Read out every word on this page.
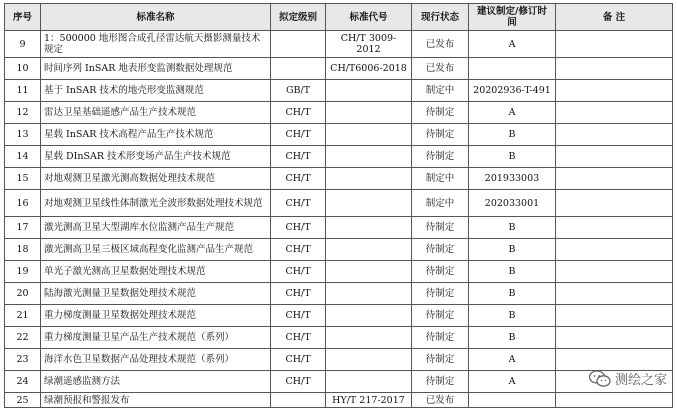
序号	标准名称	拟定级别	标准代号	现行状态	建议制定/修订时间	备 注
9	1：500000 地形图合成孔径雷达航天摄影测量技术规定		CH/T 3009-2012	已发布	A	
10	时间序列 InSAR 地表形变监测数据处理规范		CH/T6006-2018	已发布		
11	基于 InSAR 技术的地壳形变监测规范	GB/T		制定中	20202936-T-491	
12	雷达卫星基础遥感产品生产技术规范	CH/T		待制定	A	
13	星载 InSAR 技术高程产品生产技术规范	CH/T		待制定	B	
14	星载 DInSAR 技术形变场产品生产技术规范	CH/T		待制定	B	
15	对地观测卫星激光测高数据处理技术规范	CH/T		制定中	201933003	
16	对地观测卫星线性体制激光全波形数据处理技术规范	CH/T		制定中	202033001	
17	激光测高卫星大型湖库水位监测产品生产规范	CH/T		待制定	B	
18	激光测高卫星三极区域高程变化监测产品生产规范	CH/T		待制定	B	
19	单光子激光测高卫星数据处理技术规范	CH/T		待制定	B	
20	陆海激光测量卫星数据处理技术规范	CH/T		待制定	B	
21	重力梯度测量卫星数据处理技术规范	CH/T		待制定	B	
22	重力梯度测量卫星产品生产技术规范（系列）	CH/T		待制定	B	
23	海洋水色卫星数据产品处理技术规范（系列）	CH/T		待制定	A	
24	绿潮遥感监测方法	CH/T		待制定	A	
25	绿潮预报和警报发布		HY/T 217-2017	已发布		
测绘之家
